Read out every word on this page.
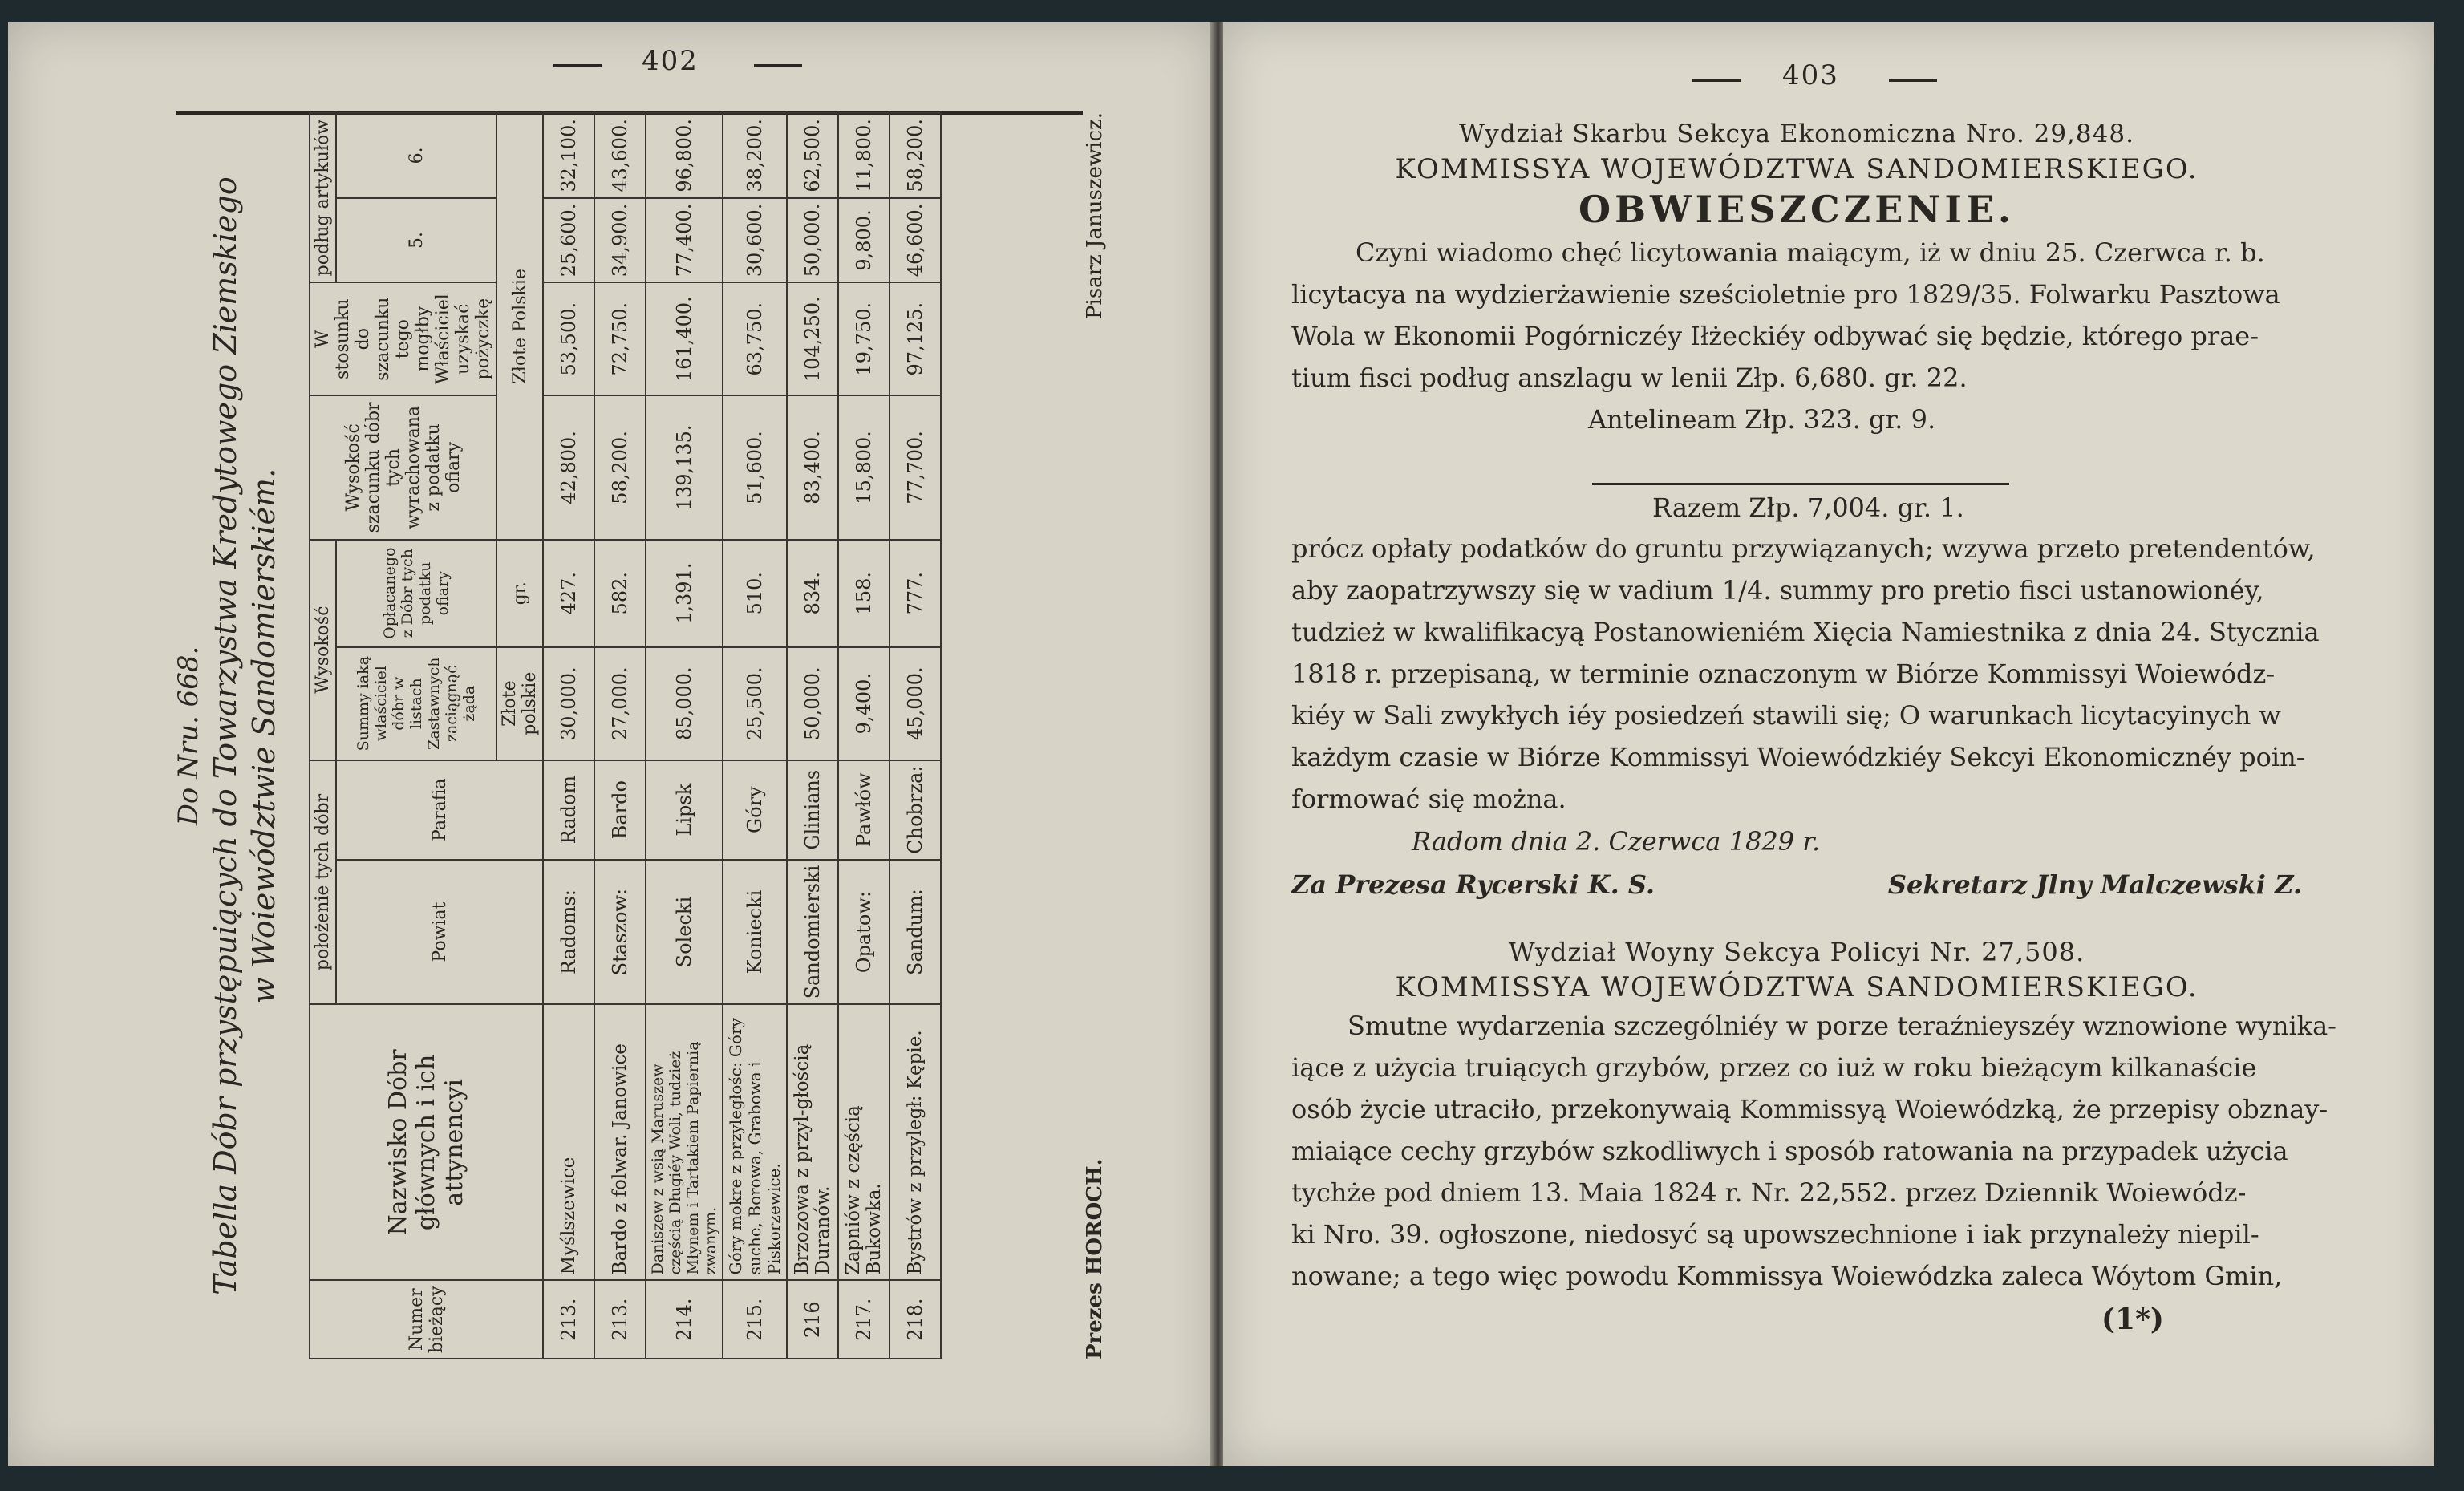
402
Do Nru. 668. Tabella Dóbr przystępuiących do Towarzystwa Kredytowego Ziemskiego w Woiewództwie Sandomierskiém.
Numer bieżący	Nazwisko Dóbr głównych i ich attynencyi	położenie tych dóbr		Wysokość		Wysokość szacunku dóbr tych wyrachowana z podatku ofiary	W stosunku do szacunku tego mogłby Właściciel uzyskać pożyczkę	podług artykułów	
		Powiat	Parafia	Summy iaką właściciel dóbr w listach Zastawnych zaciągnąć żąda	Opłacanego z Dóbr tych podatku ofiary			5.	6.
				Złote polskie	gr.	Złote Polskie			
213.	Myślszewice	Radoms:	Radom	30,000.	427.	42,800.	53,500.	25,600.	32,100.
213.	Bardo z folwar. Janowice	Staszow:	Bardo	27,000.	582.	58,200.	72,750.	34,900.	43,600.
214.	Daniszew z wsią Maruszew częścią Długiéy Woli, tudzież Młynem i Tartakiem Papiernią zwanym.	Solecki	Lipsk	85,000.	1,391.	139,135.	161,400.	77,400.	96,800.
215.	Góry mokre z przyległośc: Góry suche, Borowa, Grabowa i Piskorzewice.	Konieckі	Góry	25,500.	510.	51,600.	63,750.	30,600.	38,200.
216	Brzozowa z przyl-głością Duranów.	Sandomierski	Glinians	50,000.	834.	83,400.	104,250.	50,000.	62,500.
217.	Zapniów z częścią Bukowka.	Opatow:	Pawłów	9,400.	158.	15,800.	19,750.	9,800.	11,800.
218.	Bystrów z przyległ: Kępie.	Sandum:	Chobrza:	45,000.	777.	77,700.	97,125.	46,600.	58,200.
Prezes HOROCH.
Pisarz Januszewicz.
403
Wydział Skarbu Sekcya Ekonomiczna Nro. 29,848.
KOMMISSYA WOJEWÓDZTWA SANDOMIERSKIEGO.
OBWIESZCZENIE.
Czyni wiadomo chęć licytowania maiącym, iż w dniu 25. Czerwca r. b.
licytacya na wydzierżawienie sześcioletnie pro 1829/35. Folwarku Pasztowa
Wola w Ekonomii Pogórniczéy Iłżeckiéy odbywać się będzie, którego prae-
tium fisci podług anszlagu w lenii Złp. 6,680. gr. 22.
Antelineam Złp. 323. gr. 9.
Razem Złp. 7,004. gr. 1.
prócz opłaty podatków do gruntu przywiązanych; wzywa przeto pretendentów,
aby zaopatrzywszy się w vadium 1/4. summy pro pretio fisci ustanowionéy,
tudzież w kwalifikacyą Postanowieniém Xięcia Namiestnika z dnia 24. Stycznia
1818 r. przepisaną, w terminie oznaczonym w Biórze Kommissyi Woiewódz-
kiéy w Sali zwykłych iéy posiedzeń stawili się; O warunkach licytacyinych w
każdym czasie w Biórze Kommissyi Woiewódzkiéy Sekcyi Ekonomicznéy poin-
formować się można.
Radom dnia 2. Czerwca 1829 r.
Za Prezesa Rycerski K. S.	Sekretarz Jlny Malczewski Z.
Wydział Woyny Sekcya Policyi Nr. 27,508.
KOMMISSYA WOJEWÓDZTWA SANDOMIERSKIEGO.
Smutne wydarzenia szczególniéy w porze teraźnieyszéy wznowione wynika-
iące z użycia truiących grzybów, przez co iuż w roku bieżącym kilkanaście
osób życie utraciło, przekonywaią Kommissyą Woiewódzką, że przepisy obznay-
miaiące cechy grzybów szkodliwych i sposób ratowania na przypadek użycia
tychże pod dniem 13. Maia 1824 r. Nr. 22,552. przez Dziennik Woiewódz-
ki Nro. 39. ogłoszone, niedosyć są upowszechnione i iak przynależy niepil-
nowane; a tego więc powodu Kommissya Woiewódzka zaleca Wóytom Gmin,
(1*)
